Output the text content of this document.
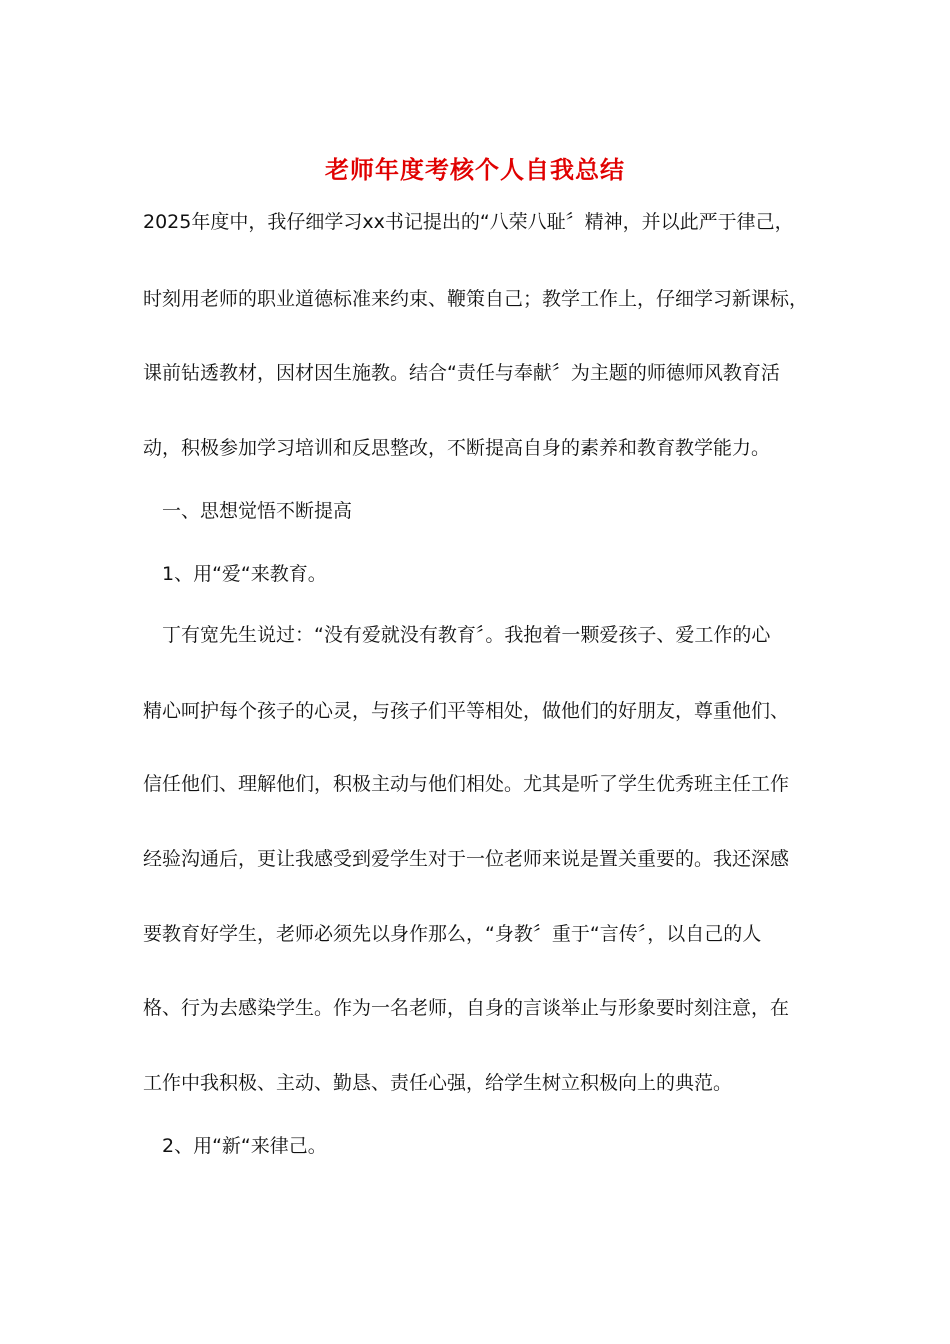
老师年度考核个人自我总结
2025年度中，我仔细学习xx书记提出的“八荣八耻〞精神，并以此严于律己，
时刻用老师的职业道德标准来约束、鞭策自己；教学工作上，仔细学习新课标，
课前钻透教材，因材因生施教。结合“责任与奉献〞为主题的师德师风教育活
动，积极参加学习培训和反思整改，不断提高自身的素养和教育教学能力。
一、思想觉悟不断提高
1、用“爱“来教育。
丁有宽先生说过：“没有爱就没有教育〞。我抱着一颗爱孩子、爱工作的心
精心呵护每个孩子的心灵，与孩子们平等相处，做他们的好朋友，尊重他们、
信任他们、理解他们，积极主动与他们相处。尤其是听了学生优秀班主任工作
经验沟通后，更让我感受到爱学生对于一位老师来说是置关重要的。我还深感
要教育好学生，老师必须先以身作那么，“身教〞重于“言传〞，以自己的人
格、行为去感染学生。作为一名老师，自身的言谈举止与形象要时刻注意，在
工作中我积极、主动、勤恳、责任心强，给学生树立积极向上的典范。
2、用“新“来律己。
